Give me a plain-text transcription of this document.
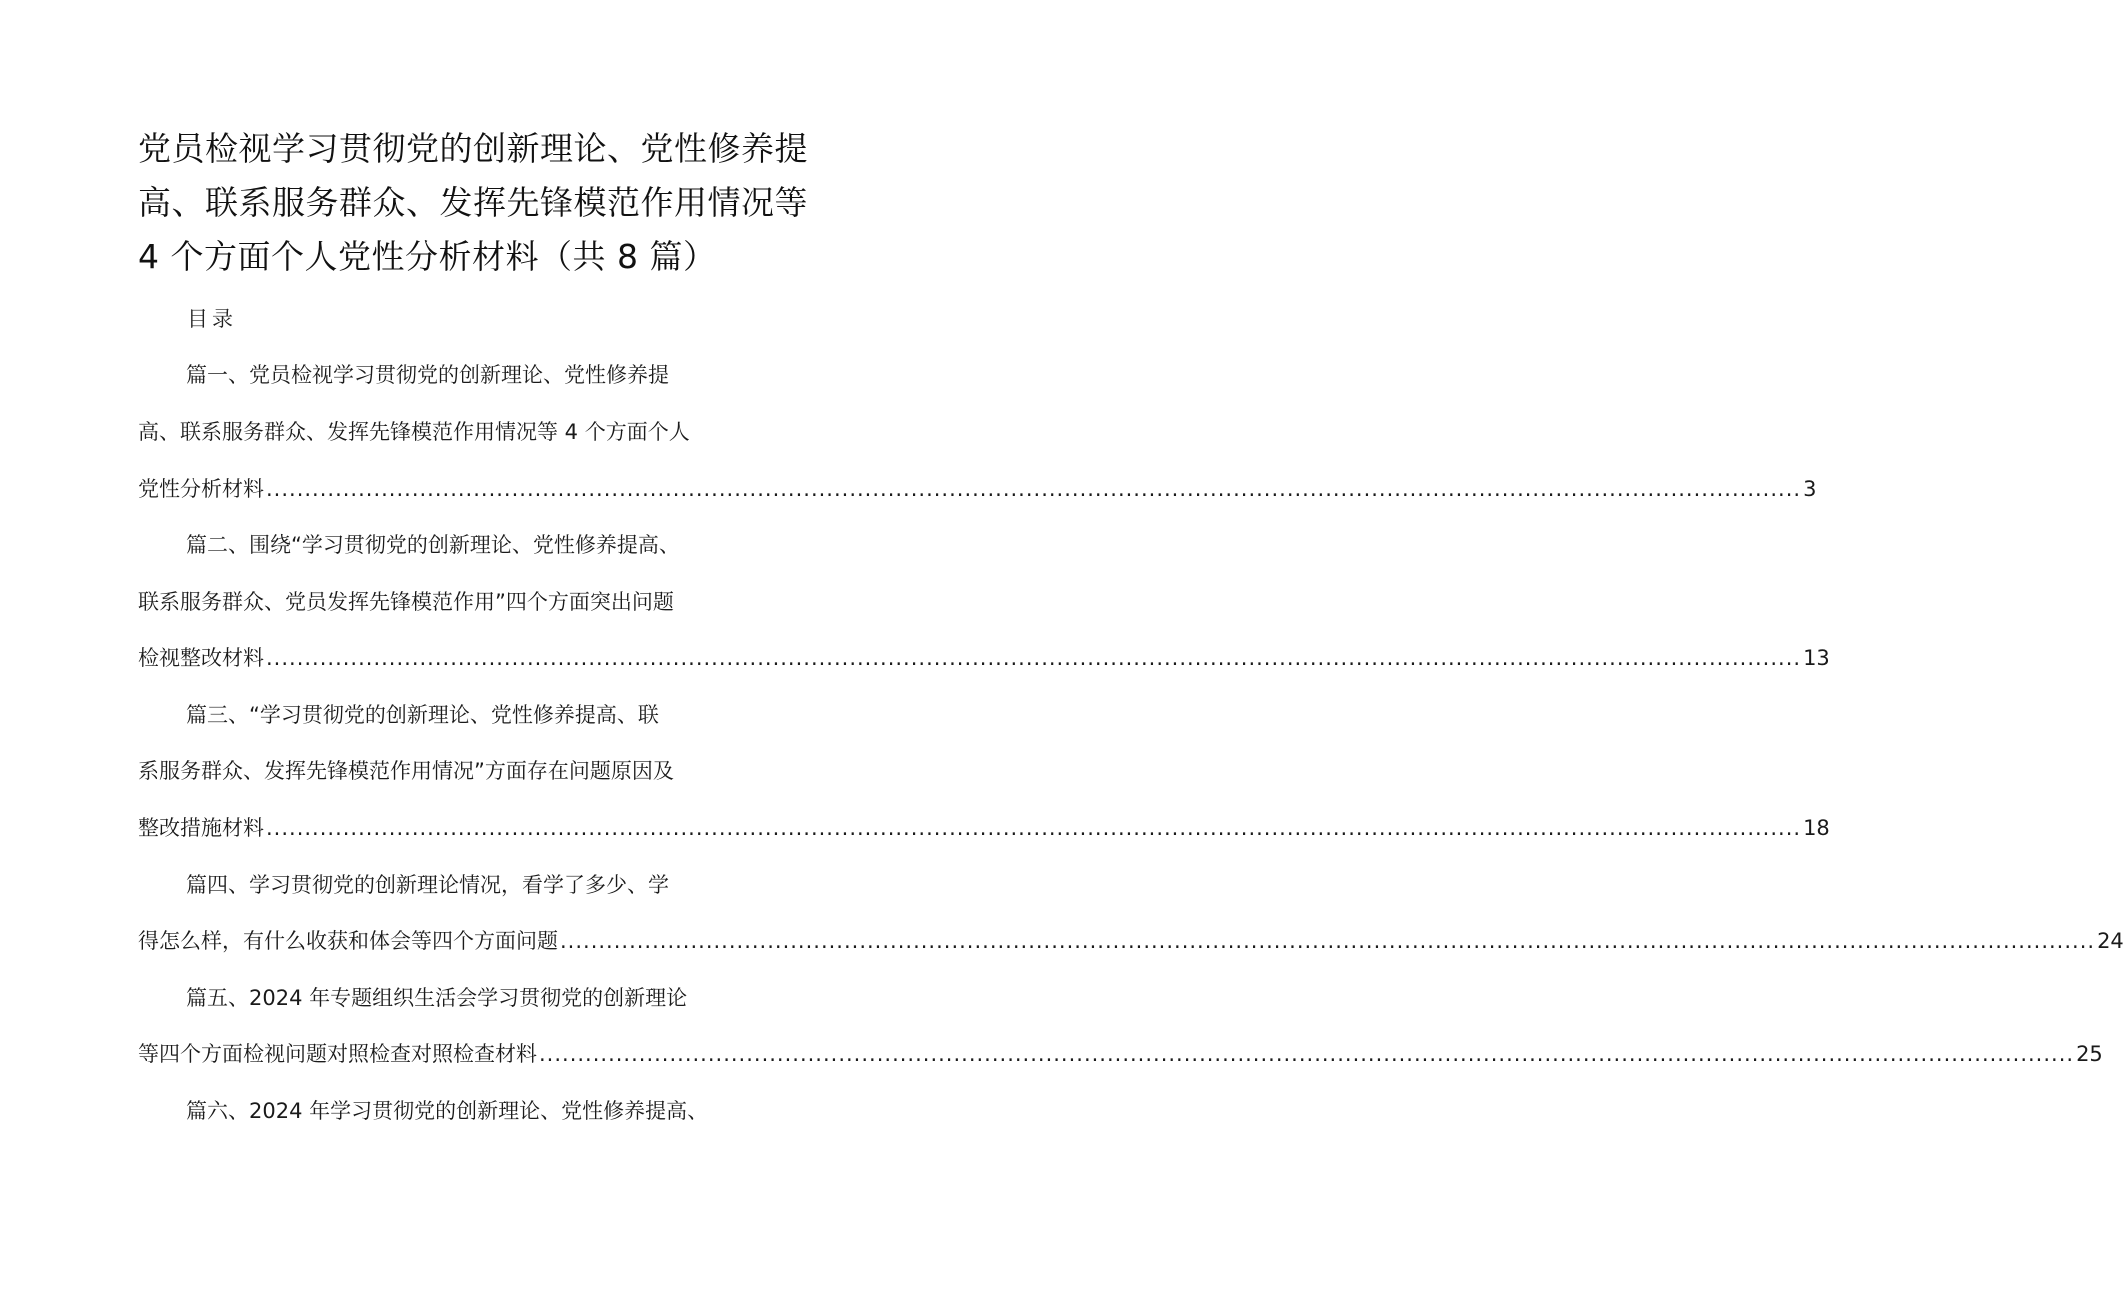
党员检视学习贯彻党的创新理论、党性修养提
高、联系服务群众、发挥先锋模范作用情况等
4 个方面个人党性分析材料（共 8 篇）
目录
篇一、党员检视学习贯彻党的创新理论、党性修养提
高、联系服务群众、发挥先锋模范作用情况等 4 个方面个人
党性分析材料 ........................................................................................................................................................................................................ 3
篇二、围绕“学习贯彻党的创新理论、党性修养提高、
联系服务群众、党员发挥先锋模范作用”四个方面突出问题
检视整改材料 ........................................................................................................................................................................................................ 13
篇三、“学习贯彻党的创新理论、党性修养提高、联
系服务群众、发挥先锋模范作用情况”方面存在问题原因及
整改措施材料 ........................................................................................................................................................................................................ 18
篇四、学习贯彻党的创新理论情况，看学了多少、学
得怎么样，有什么收获和体会等四个方面问题 ........................................................................................................................................................................................................ 24
篇五、2024 年专题组织生活会学习贯彻党的创新理论
等四个方面检视问题对照检查对照检查材料 ........................................................................................................................................................................................................ 25
篇六、2024 年学习贯彻党的创新理论、党性修养提高、
